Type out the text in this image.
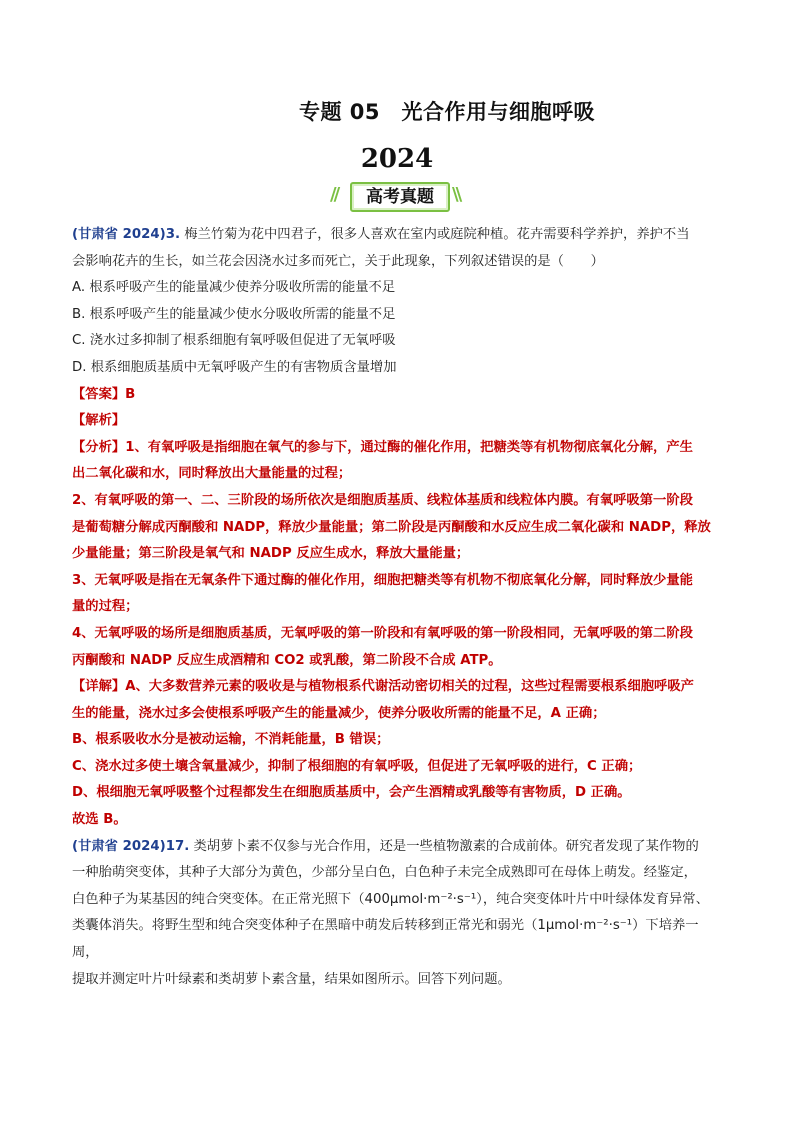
专题 05　光合作用与细胞呼吸
2024
//	高考真题	\\

(甘肃省 2024)3. 梅兰竹菊为花中四君子，很多人喜欢在室内或庭院种植。花卉需要科学养护，养护不当

会影响花卉的生长，如兰花会因浇水过多而死亡，关于此现象，下列叙述错误的是（　　）

A. 根系呼吸产生的能量减少使养分吸收所需的能量不足

B. 根系呼吸产生的能量减少使水分吸收所需的能量不足

C. 浇水过多抑制了根系细胞有氧呼吸但促进了无氧呼吸

D. 根系细胞质基质中无氧呼吸产生的有害物质含量增加

【答案】B

【解析】

【分析】1、有氧呼吸是指细胞在氧气的参与下，通过酶的催化作用，把糖类等有机物彻底氧化分解，产生

出二氧化碳和水，同时释放出大量能量的过程；

2、有氧呼吸的第一、二、三阶段的场所依次是细胞质基质、线粒体基质和线粒体内膜。有氧呼吸第一阶段

是葡萄糖分解成丙酮酸和 NADP，释放少量能量；第二阶段是丙酮酸和水反应生成二氧化碳和 NADP，释放

少量能量；第三阶段是氧气和 NADP 反应生成水，释放大量能量；

3、无氧呼吸是指在无氧条件下通过酶的催化作用，细胞把糖类等有机物不彻底氧化分解，同时释放少量能

量的过程；

4、无氧呼吸的场所是细胞质基质，无氧呼吸的第一阶段和有氧呼吸的第一阶段相同，无氧呼吸的第二阶段

丙酮酸和 NADP 反应生成酒精和 CO2 或乳酸，第二阶段不合成 ATP。

【详解】A、大多数营养元素的吸收是与植物根系代谢活动密切相关的过程，这些过程需要根系细胞呼吸产

生的能量，浇水过多会使根系呼吸产生的能量减少，使养分吸收所需的能量不足，A 正确；

B、根系吸收水分是被动运输，不消耗能量，B 错误；

C、浇水过多使土壤含氧量减少，抑制了根细胞的有氧呼吸，但促进了无氧呼吸的进行，C 正确；

D、根细胞无氧呼吸整个过程都发生在细胞质基质中，会产生酒精或乳酸等有害物质，D 正确。

故选 B。

(甘肃省 2024)17. 类胡萝卜素不仅参与光合作用，还是一些植物激素的合成前体。研究者发现了某作物的

一种胎萌突变体，其种子大部分为黄色，少部分呈白色，白色种子未完全成熟即可在母体上萌发。经鉴定，

白色种子为某基因的纯合突变体。在正常光照下（400μmol·m⁻²·s⁻¹），纯合突变体叶片中叶绿体发育异常、

类囊体消失。将野生型和纯合突变体种子在黑暗中萌发后转移到正常光和弱光（1μmol·m⁻²·s⁻¹）下培养一周，

提取并测定叶片叶绿素和类胡萝卜素含量，结果如图所示。回答下列问题。
